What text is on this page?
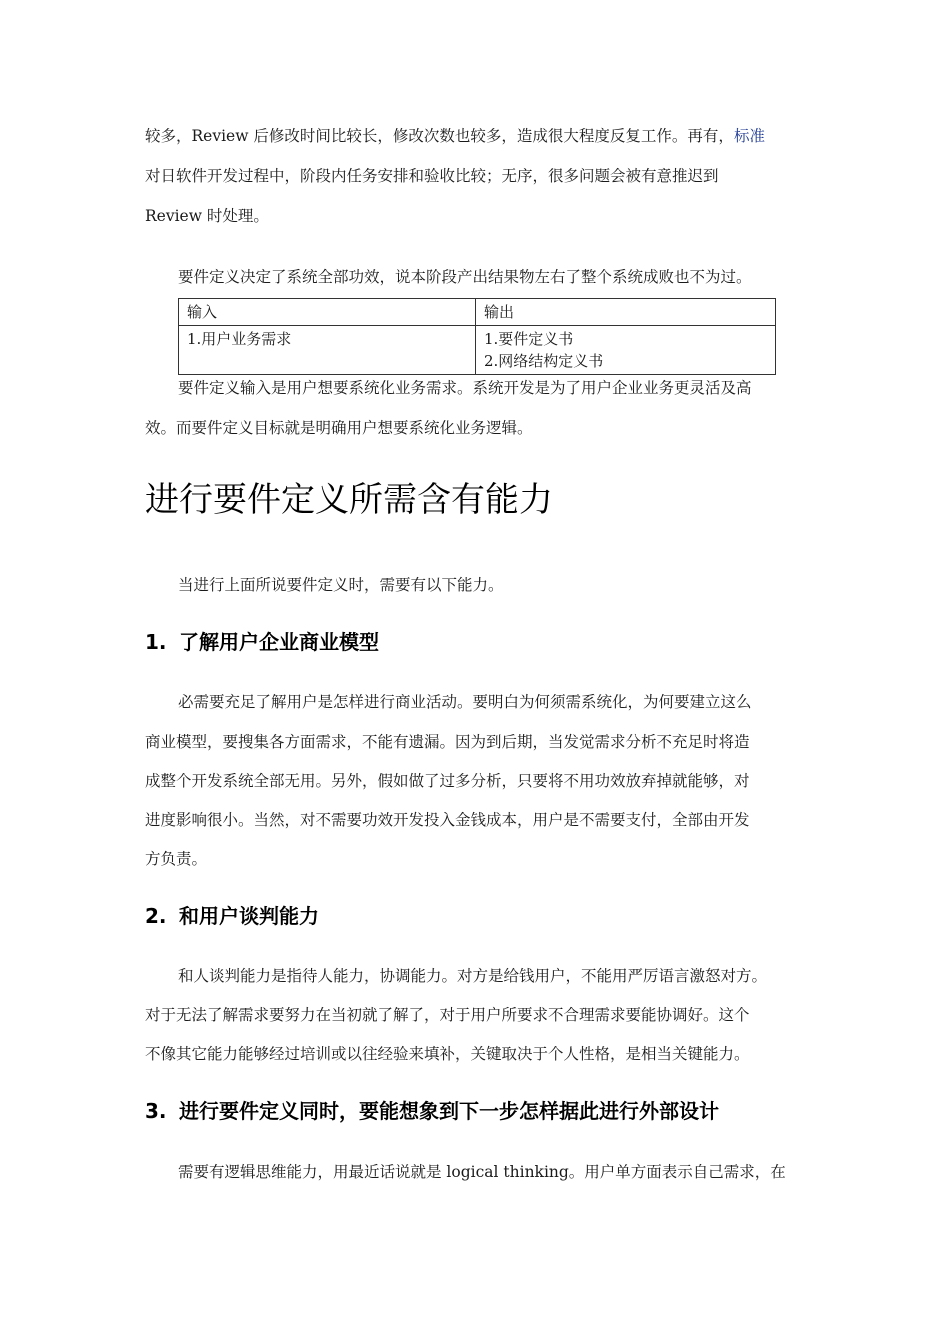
较多，Review 后修改时间比较长，修改次数也较多，造成很大程度反复工作。再有，标准
对日软件开发过程中，阶段内任务安排和验收比较；无序，很多问题会被有意推迟到
Review 时处理。
要件定义决定了系统全部功效，说本阶段产出结果物左右了整个系统成败也不为过。
输入	输出
1.用户业务需求	1.要件定义书
2.网络结构定义书
要件定义输入是用户想要系统化业务需求。系统开发是为了用户企业业务更灵活及高
效。而要件定义目标就是明确用户想要系统化业务逻辑。
进行要件定义所需含有能力
当进行上面所说要件定义时，需要有以下能力。
1. 了解用户企业商业模型
必需要充足了解用户是怎样进行商业活动。要明白为何须需系统化，为何要建立这么
商业模型，要搜集各方面需求，不能有遗漏。因为到后期，当发觉需求分析不充足时将造
成整个开发系统全部无用。另外，假如做了过多分析，只要将不用功效放弃掉就能够，对
进度影响很小。当然，对不需要功效开发投入金钱成本，用户是不需要支付，全部由开发
方负责。
2. 和用户谈判能力
和人谈判能力是指待人能力，协调能力。对方是给钱用户，不能用严厉语言激怒对方。
对于无法了解需求要努力在当初就了解了，对于用户所要求不合理需求要能协调好。这个
不像其它能力能够经过培训或以往经验来填补，关键取决于个人性格，是相当关键能力。
3. 进行要件定义同时，要能想象到下一步怎样据此进行外部设计
需要有逻辑思维能力，用最近话说就是 logical thinking。用户单方面表示自己需求，在
